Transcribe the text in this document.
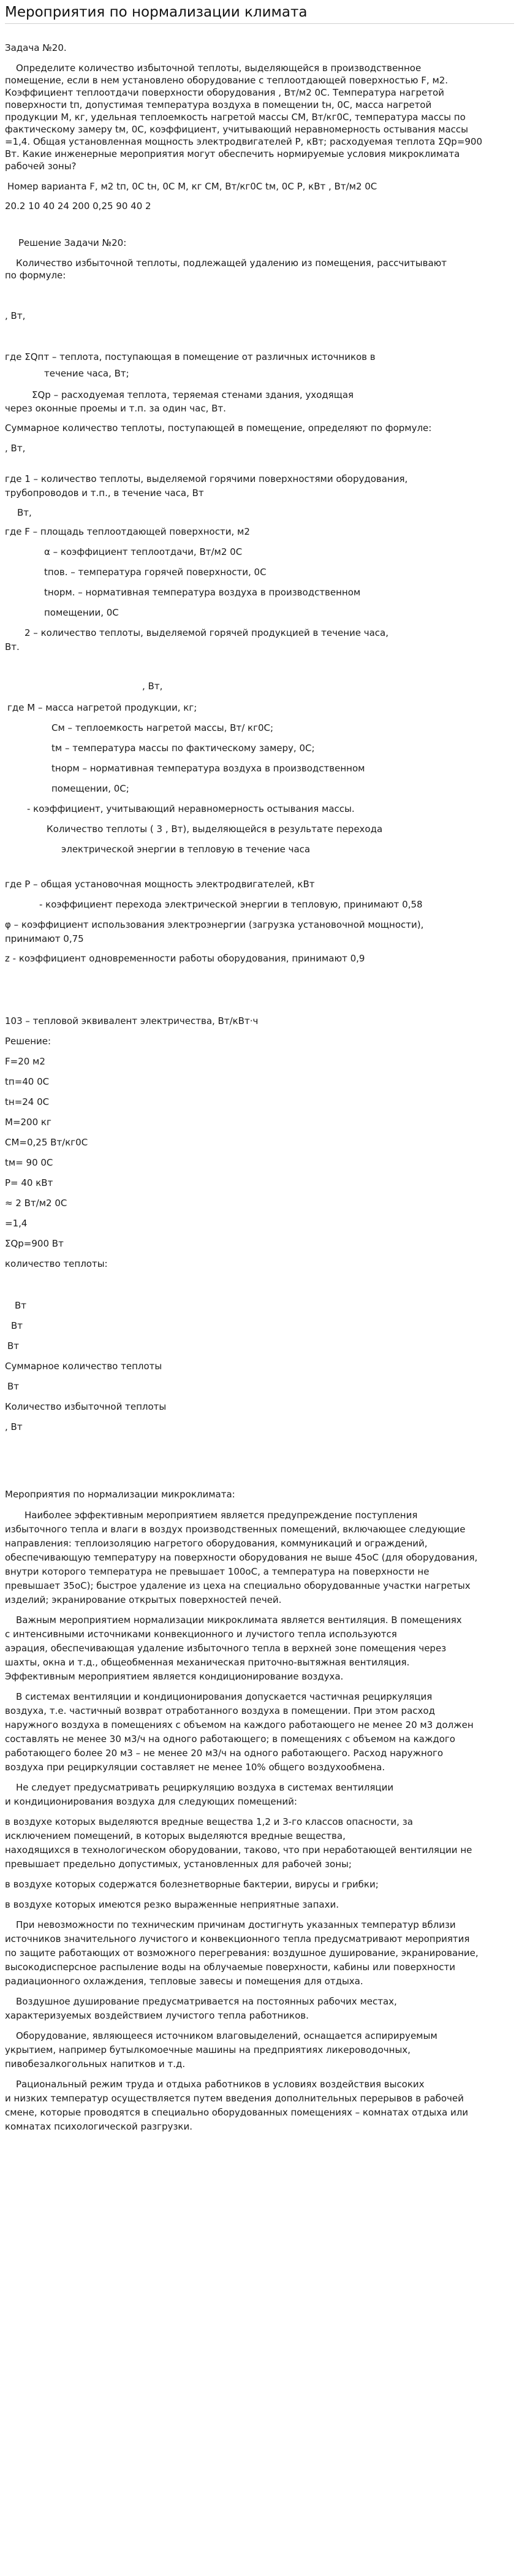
Мероприятия по нормализации климата
Задача №20.
Определите количество избыточной теплоты, выделяющейся в производственное
помещение, если в нем установлено оборудование с теплоотдающей поверхностью F, м2.
Коэффициент теплоотдачи поверхности оборудования , Вт/м2 0С. Температура нагретой
поверхности tп, допустимая температура воздуха в помещении tн, 0С, масса нагретой
продукции М, кг, удельная теплоемкость нагретой массы СМ, Вт/кг0С, температура массы по
фактическому замеру tм, 0С, коэффициент, учитывающий неравномерность остывания массы
=1,4. Общая установленная мощность электродвигателей Р, кВт; расходуемая теплота ΣQр=900
Вт. Какие инженерные мероприятия могут обеспечить нормируемые условия микроклимата
рабочей зоны?
Номер варианта F, м2 tп, 0С tн, 0С М, кг СМ, Вт/кг0С tм, 0С Р, кВт , Вт/м2 0С
20.2 10 40 24 200 0,25 90 40 2
Решение Задачи №20:
Количество избыточной теплоты, подлежащей удалению из помещения, рассчитывают
по формуле:
, Вт,
где ΣQпт – теплота, поступающая в помещение от различных источников в
течение часа, Вт;
ΣQр – расходуемая теплота, теряемая стенами здания, уходящая
через оконные проемы и т.п. за один час, Вт.
Суммарное количество теплоты, поступающей в помещение, определяют по формуле:
, Вт,
где 1 – количество теплоты, выделяемой горячими поверхностями оборудования,
трубопроводов и т.п., в течение часа, Вт
Вт,
где F – площадь теплоотдающей поверхности, м2
α – коэффициент теплоотдачи, Вт/м2 0С
tпов. – температура горячей поверхности, 0С
tнорм. – нормативная температура воздуха в производственном
помещении, 0С
2 – количество теплоты, выделяемой горячей продукцией в течение часа,
Вт.
, Вт,
где М – масса нагретой продукции, кг;
Cм – теплоемкость нагретой массы, Вт/ кг0С;
tм – температура массы по фактическому замеру, 0С;
tнорм – нормативная температура воздуха в производственном
помещении, 0С;
- коэффициент, учитывающий неравномерность остывания массы.
Количество теплоты ( 3 , Вт), выделяющейся в результате перехода
электрической энергии в тепловую в течение часа
где Р – общая установочная мощность электродвигателей, кВт
- коэффициент перехода электрической энергии в тепловую, принимают 0,58
φ – коэффициент использования электроэнергии (загрузка установочной мощности),
принимают 0,75
z - коэффициент одновременности работы оборудования, принимают 0,9
103 – тепловой эквивалент электричества, Вт/кВт·ч
Решение:
F=20 м2
tп=40 0С
tн=24 0С
M=200 кг
CM=0,25 Вт/кг0С
tм= 90 0С
P= 40 кВт
≈ 2 Вт/м2 0С
=1,4
ΣQр=900 Вт
количество теплоты:
Вт
Вт
Вт
Суммарное количество теплоты
Вт
Количество избыточной теплоты
, Вт
Мероприятия по нормализации микроклимата:
Наиболее эффективным мероприятием является предупреждение поступления
избыточного тепла и влаги в воздух производственных помещений, включающее следующие
направления: теплоизоляцию нагретого оборудования, коммуникаций и ограждений,
обеспечивающую температуру на поверхности оборудования не выше 45оС (для оборудования,
внутри которого температура не превышает 100оС, а температура на поверхности не
превышает 35оС); быстрое удаление из цеха на специально оборудованные участки нагретых
изделий; экранирование открытых поверхностей печей.
Важным мероприятием нормализации микроклимата является вентиляция. В помещениях
с интенсивными источниками конвекционного и лучистого тепла используются
аэрация, обеспечивающая удаление избыточного тепла в верхней зоне помещения через
шахты, окна и т.д., общеобменная механическая приточно-вытяжная вентиляция.
Эффективным мероприятием является кондиционирование воздуха.
В системах вентиляции и кондиционирования допускается частичная рециркуляция
воздуха, т.е. частичный возврат отработанного воздуха в помещении. При этом расход
наружного воздуха в помещениях с объемом на каждого работающего не менее 20 м3 должен
составлять не менее 30 м3/ч на одного работающего; в помещениях с объемом на каждого
работающего более 20 м3 – не менее 20 м3/ч на одного работающего. Расход наружного
воздуха при рециркуляции составляет не менее 10% общего воздухообмена.
Не следует предусматривать рециркуляцию воздуха в системах вентиляции
и кондиционирования воздуха для следующих помещений:
в воздухе которых выделяются вредные вещества 1,2 и 3-го классов опасности, за
исключением помещений, в которых выделяются вредные вещества,
находящихся в технологическом оборудовании, таково, что при неработающей вентиляции не
превышает предельно допустимых, установленных для рабочей зоны;
в воздухе которых содержатся болезнетворные бактерии, вирусы и грибки;
в воздухе которых имеются резко выраженные неприятные запахи.
При невозможности по техническим причинам достигнуть указанных температур вблизи
источников значительного лучистого и конвекционного тепла предусматривают мероприятия
по защите работающих от возможного перегревания: воздушное душирование, экранирование,
высокодисперсное распыление воды на облучаемые поверхности, кабины или поверхности
радиационного охлаждения, тепловые завесы и помещения для отдыха.
Воздушное душирование предусматривается на постоянных рабочих местах,
характеризуемых воздействием лучистого тепла работников.
Оборудование, являющееся источником влаговыделений, оснащается аспирируемым
укрытием, например бутылкомоечные машины на предприятиях ликероводочных,
пивобезалкогольных напитков и т.д.
Рациональный режим труда и отдыха работников в условиях воздействия высоких
и низких температур осуществляется путем введения дополнительных перерывов в рабочей
смене, которые проводятся в специально оборудованных помещениях – комнатах отдыха или
комнатах психологической разгрузки.
